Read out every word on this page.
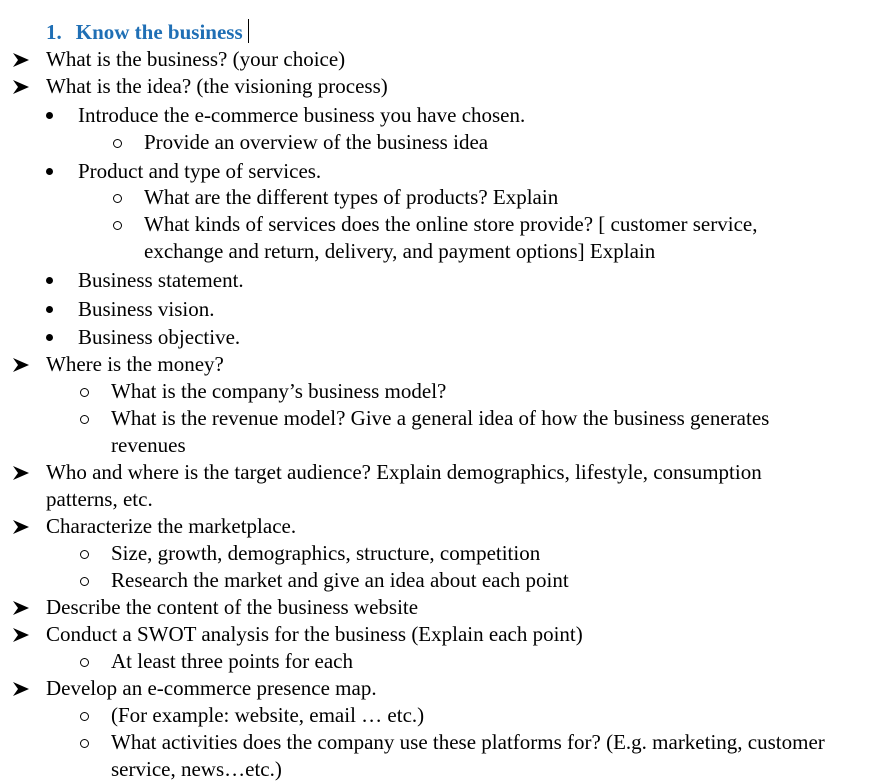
1. Know the business
What is the business? (your choice)
What is the idea? (the visioning process)
Introduce the e-commerce business you have chosen.
Provide an overview of the business idea
Product and type of services.
What are the different types of products? Explain
What kinds of services does the online store provide? [ customer service,
exchange and return, delivery, and payment options] Explain
Business statement.
Business vision.
Business objective.
Where is the money?
What is the company’s business model?
What is the revenue model? Give a general idea of how the business generates
revenues
Who and where is the target audience? Explain demographics, lifestyle, consumption
patterns, etc.
Characterize the marketplace.
Size, growth, demographics, structure, competition
Research the market and give an idea about each point
Describe the content of the business website
Conduct a SWOT analysis for the business (Explain each point)
At least three points for each
Develop an e-commerce presence map.
(For example: website, email … etc.)
What activities does the company use these platforms for? (E.g. marketing, customer
service, news…etc.)
